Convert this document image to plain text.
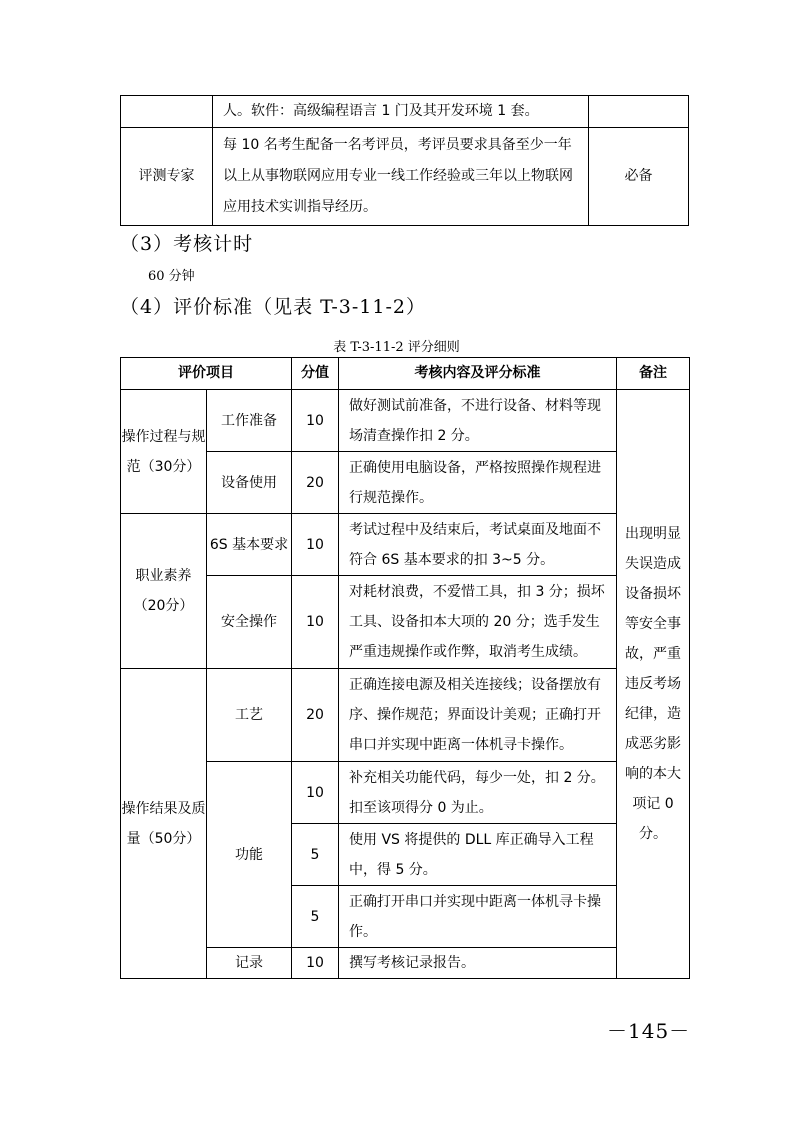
	人。软件：高级编程语言 1 门及其开发环境 1 套。	
评测专家	每 10 名考生配备一名考评员，考评员要求具备至少一年以上从事物联网应用专业一线工作经验或三年以上物联网应用技术实训指导经历。	必备
（3）考核计时
60 分钟
（4）评价标准（见表 T-3-11-2）
表 T-3-11-2 评分细则
评价项目		分值	考核内容及评分标准	备注
操作过程与规范（30分）	工作准备	10	做好测试前准备，不进行设备、材料等现场清查操作扣 2 分。	出现明显失误造成设备损坏等安全事故，严重违反考场纪律，造成恶劣影响的本大项记 0 分。
	设备使用	20	正确使用电脑设备，严格按照操作规程进行规范操作。	
职业素养（20分）	6S 基本要求	10	考试过程中及结束后，考试桌面及地面不符合 6S 基本要求的扣 3~5 分。	
	安全操作	10	对耗材浪费，不爱惜工具，扣 3 分；损坏工具、设备扣本大项的 20 分；选手发生严重违规操作或作弊，取消考生成绩。	
操作结果及质量（50分）	工艺	20	正确连接电源及相关连接线；设备摆放有序、操作规范；界面设计美观；正确打开串口并实现中距离一体机寻卡操作。	
	功能	10	补充相关功能代码，每少一处，扣 2 分。扣至该项得分 0 为止。	
		5	使用 VS 将提供的 DLL 库正确导入工程中，得 5 分。	
		5	正确打开串口并实现中距离一体机寻卡操作。	
	记录	10	撰写考核记录报告。	
－145－
